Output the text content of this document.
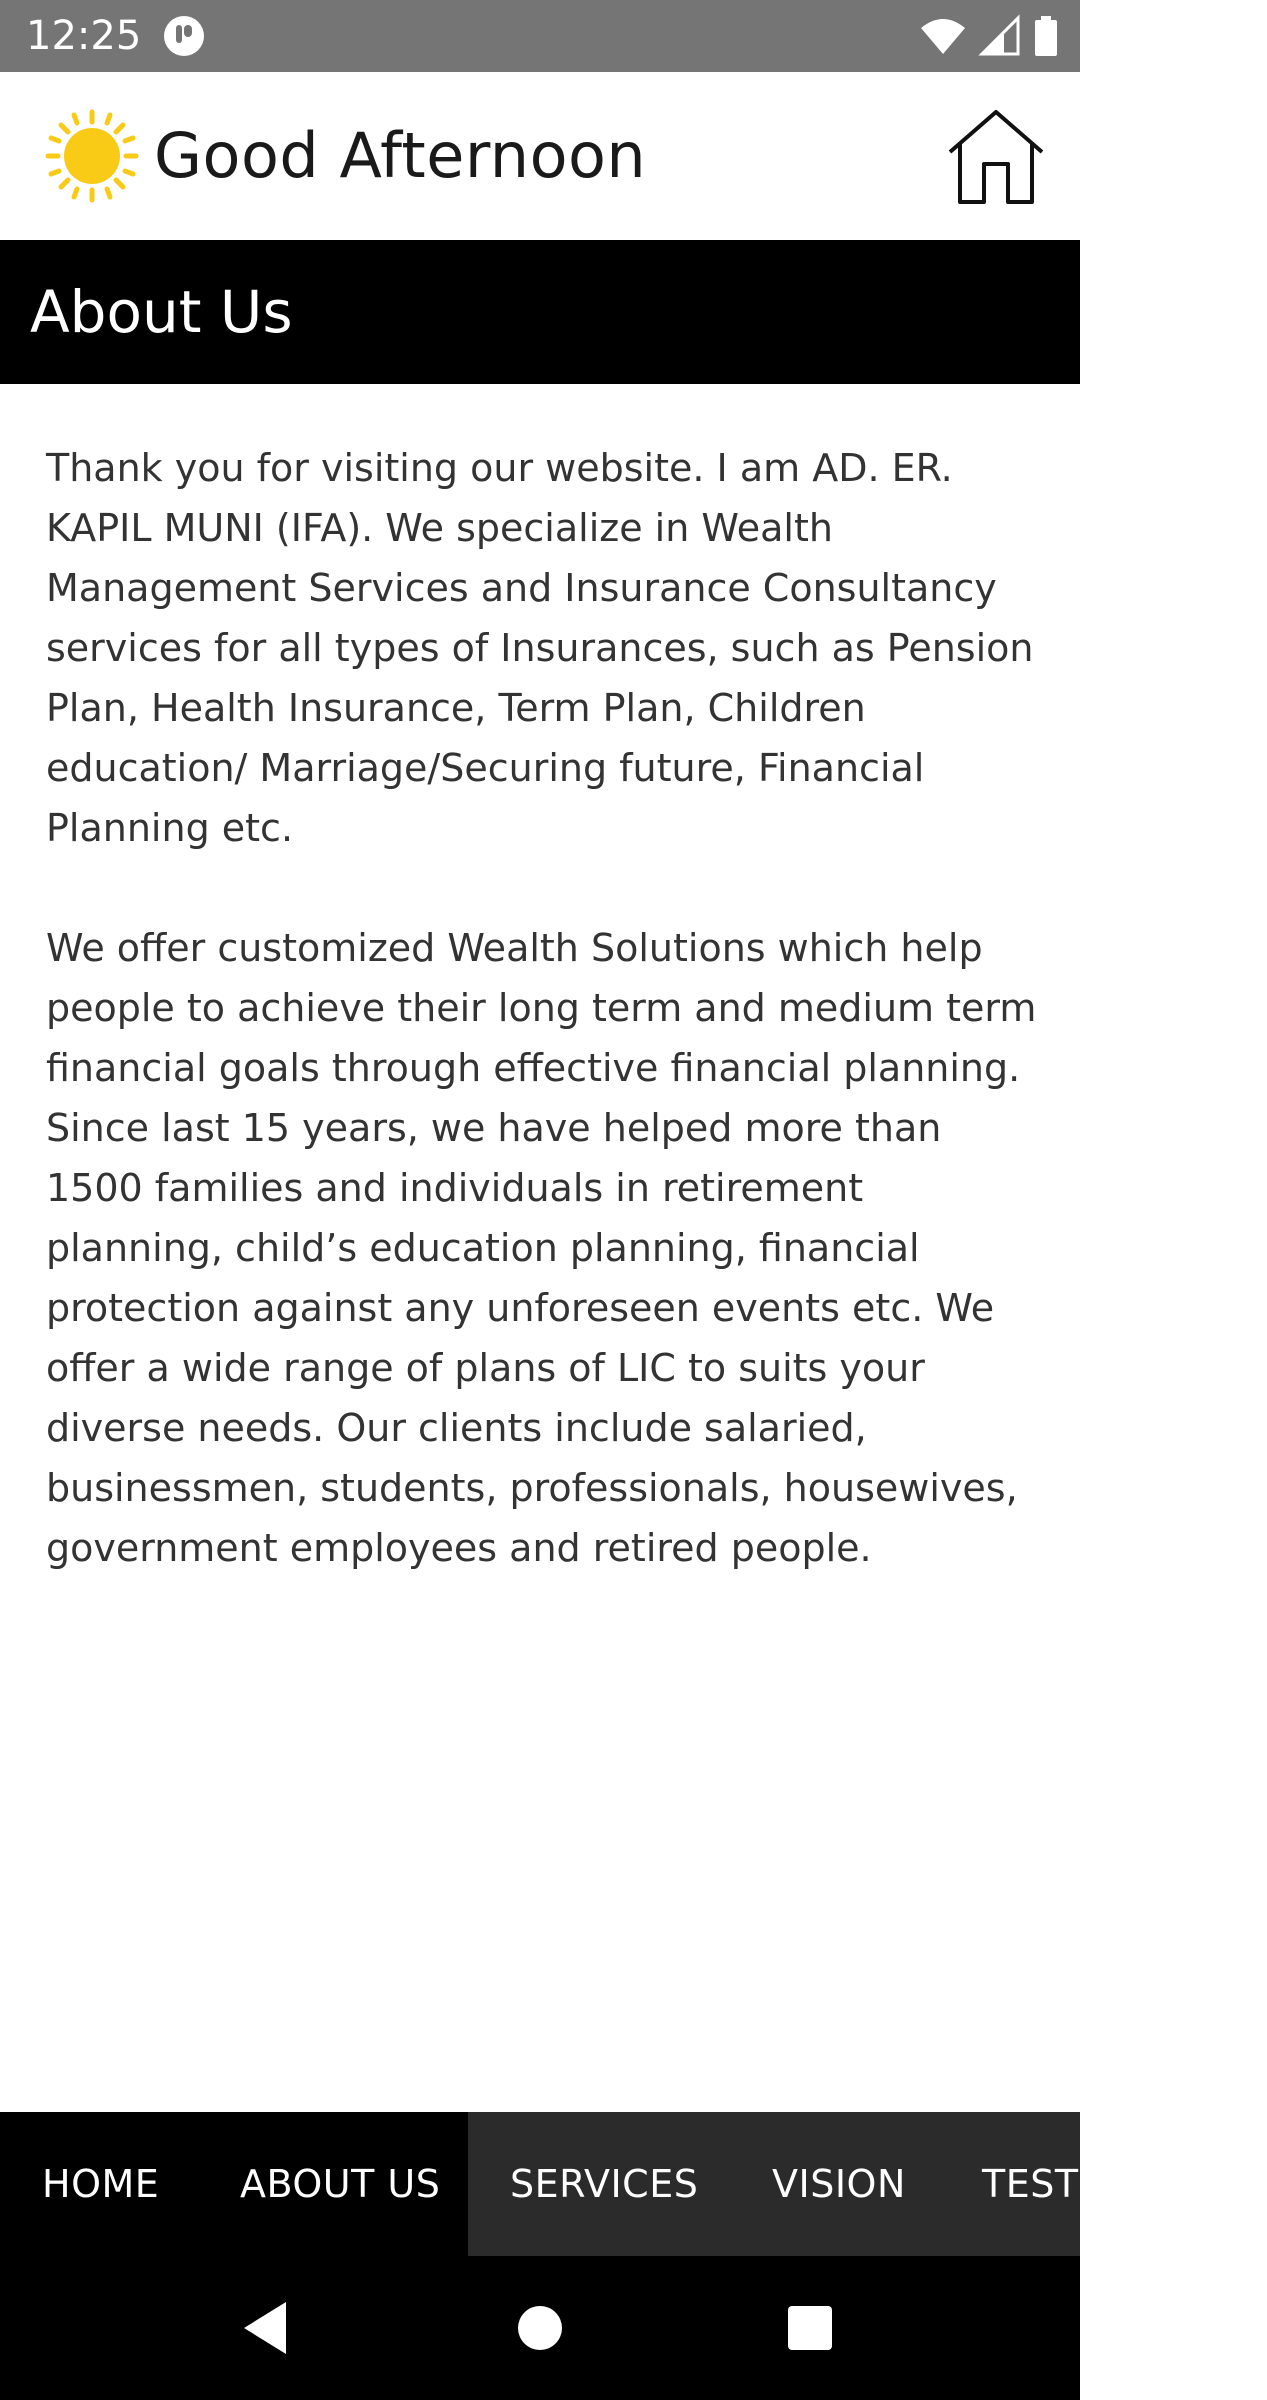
12:25
Good Afternoon
About Us

Thank you for visiting our website. I am AD. ER. KAPIL MUNI (IFA). We specialize in Wealth Management Services and Insurance Consultancy services for all types of Insurances, such as Pension Plan, Health Insurance, Term Plan, Children education/ Marriage/Securing future, Financial Planning etc.

We offer customized Wealth Solutions which help people to achieve their long term and medium term financial goals through effective financial planning. Since last 15 years, we have helped more than 1500 families and individuals in retirement planning, child’s education planning, financial protection against any unforeseen events etc. We offer a wide range of plans of LIC to suits your diverse needs. Our clients include salaried, businessmen, students, professionals, housewives, government employees and retired people.

HOME ABOUT US SERVICES VISION TESTIMONIALS
